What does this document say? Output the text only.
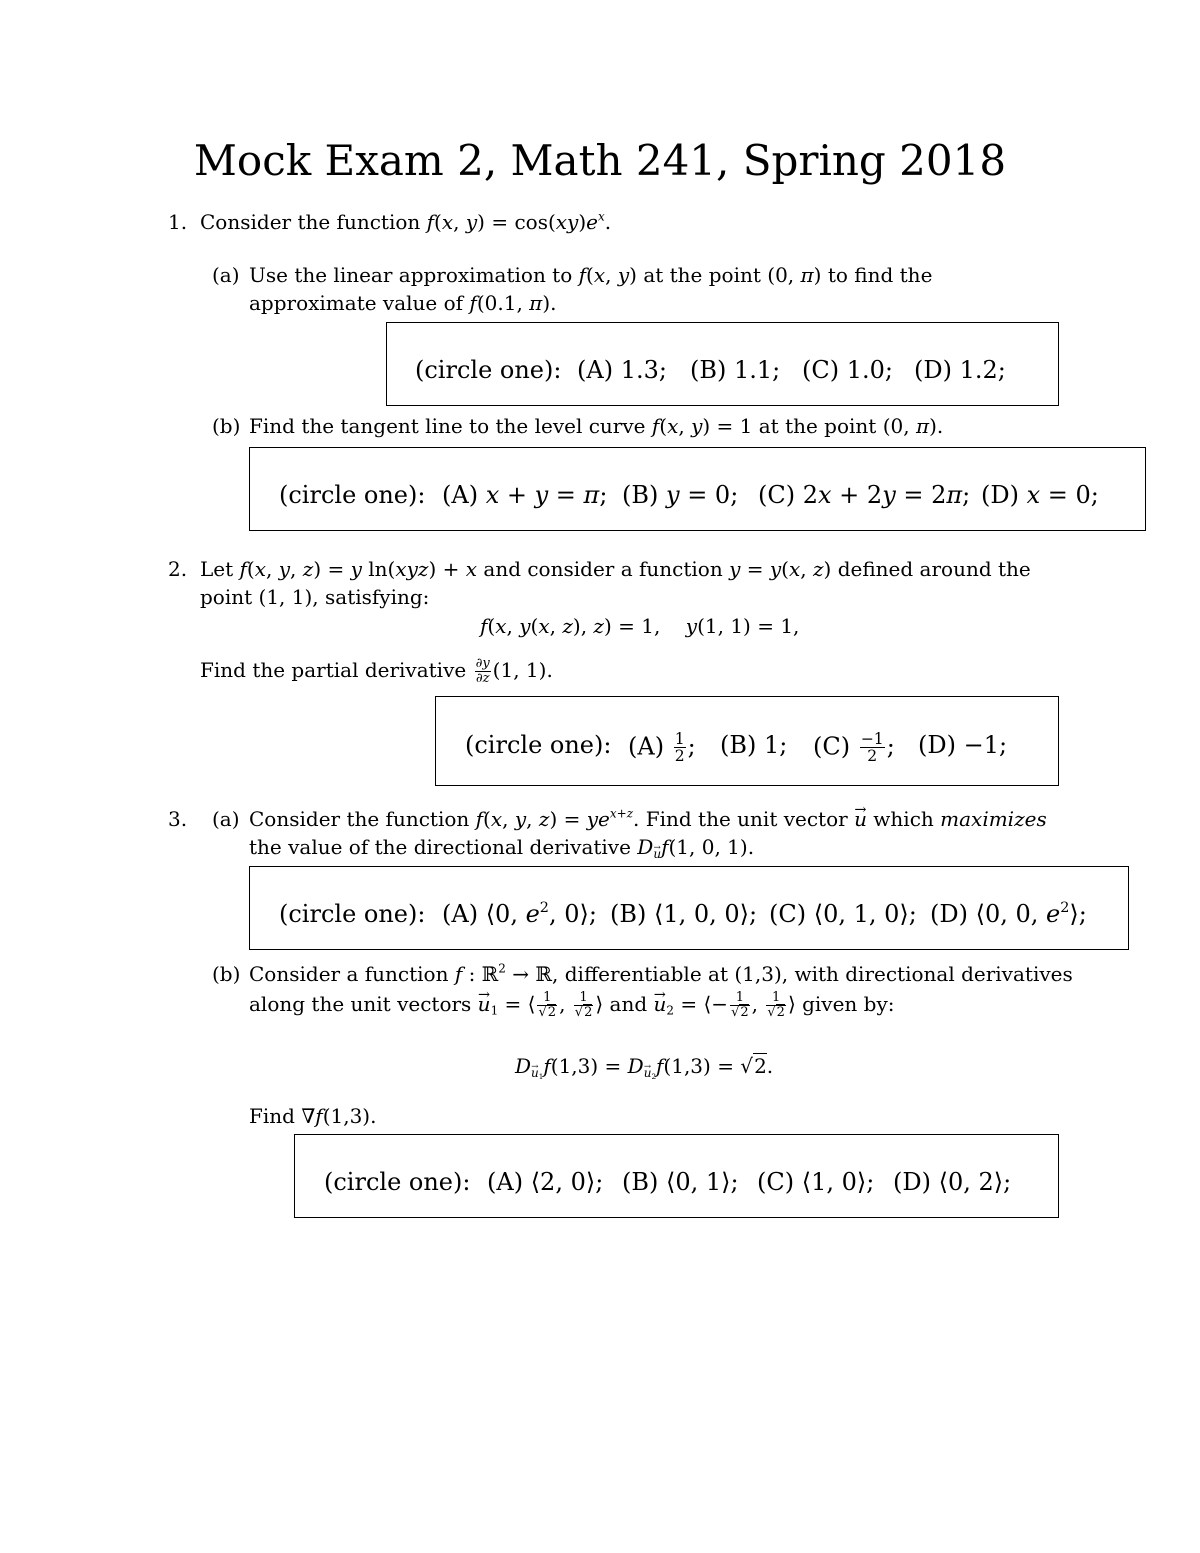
Mock Exam 2, Math 241, Spring 2018
1. Consider the function f(x, $y) = \cos(xy)e^x$.
(a) Use the linear approximation to f(x, y) at the point (0, π) to find the approximate value of f(0.1, π).
(circle one): (A) 1.3; (B) 1.1; (C) 1.0; (D) 1.2;
(b) Find the tangent line to the level curve f(x, y) = 1 at the point (0, π).
(circle one): (A) x + y = π; (B) y = 0; (C) 2x + 2y = 2π; (D) x = 0;
2. Let f(x, y, z) = y ln(xyz) + x and consider a function y = y(x, z) defined around the point (1, 1), satisfying:
f(x, y(x, z), z) = 1,    y(1, 1) = 1,
Find the partial derivative $\frac{\partial y}{\partial z} (1$, 1).
(circle one): $(A) \frac{1}{2}$ ; (B) 1; $(C) \frac{-1}{2}$ ; (D) −1;
3. (a) Consider the function f(x, y, $z) = ye^{x+z}$. Find the unit vector → u which maximizes the value of the directional derivative $D_uf(1$, 0, 1).
(circle one): (A) ⟨0, $e^2$, 0⟩; (B) ⟨1, 0, 0⟩; (C) ⟨0, 1, 0⟩; (D) ⟨0, 0, $e^2⟩$;
(b) Consider a function f : ℝ$^2$ → ℝ, differentiable at (1,3), with directional derivatives
along the unit vectors → $u_1$ = ⟨ $\frac{1}{√2}$ , $\frac{1}{√2}$ ⟩ and → $u_2$ = ⟨− $\frac{1}{√2}$ , $\frac{1}{√2}$ ⟩ given by:
$D_{u_1}f(1,3) = D_{u_2}f(1,3) = √2$.
Find ∇f(1,3).
(circle one): (A) ⟨2, 0⟩; (B) ⟨0, 1⟩; (C) ⟨1, 0⟩; (D) ⟨0, 2⟩;
